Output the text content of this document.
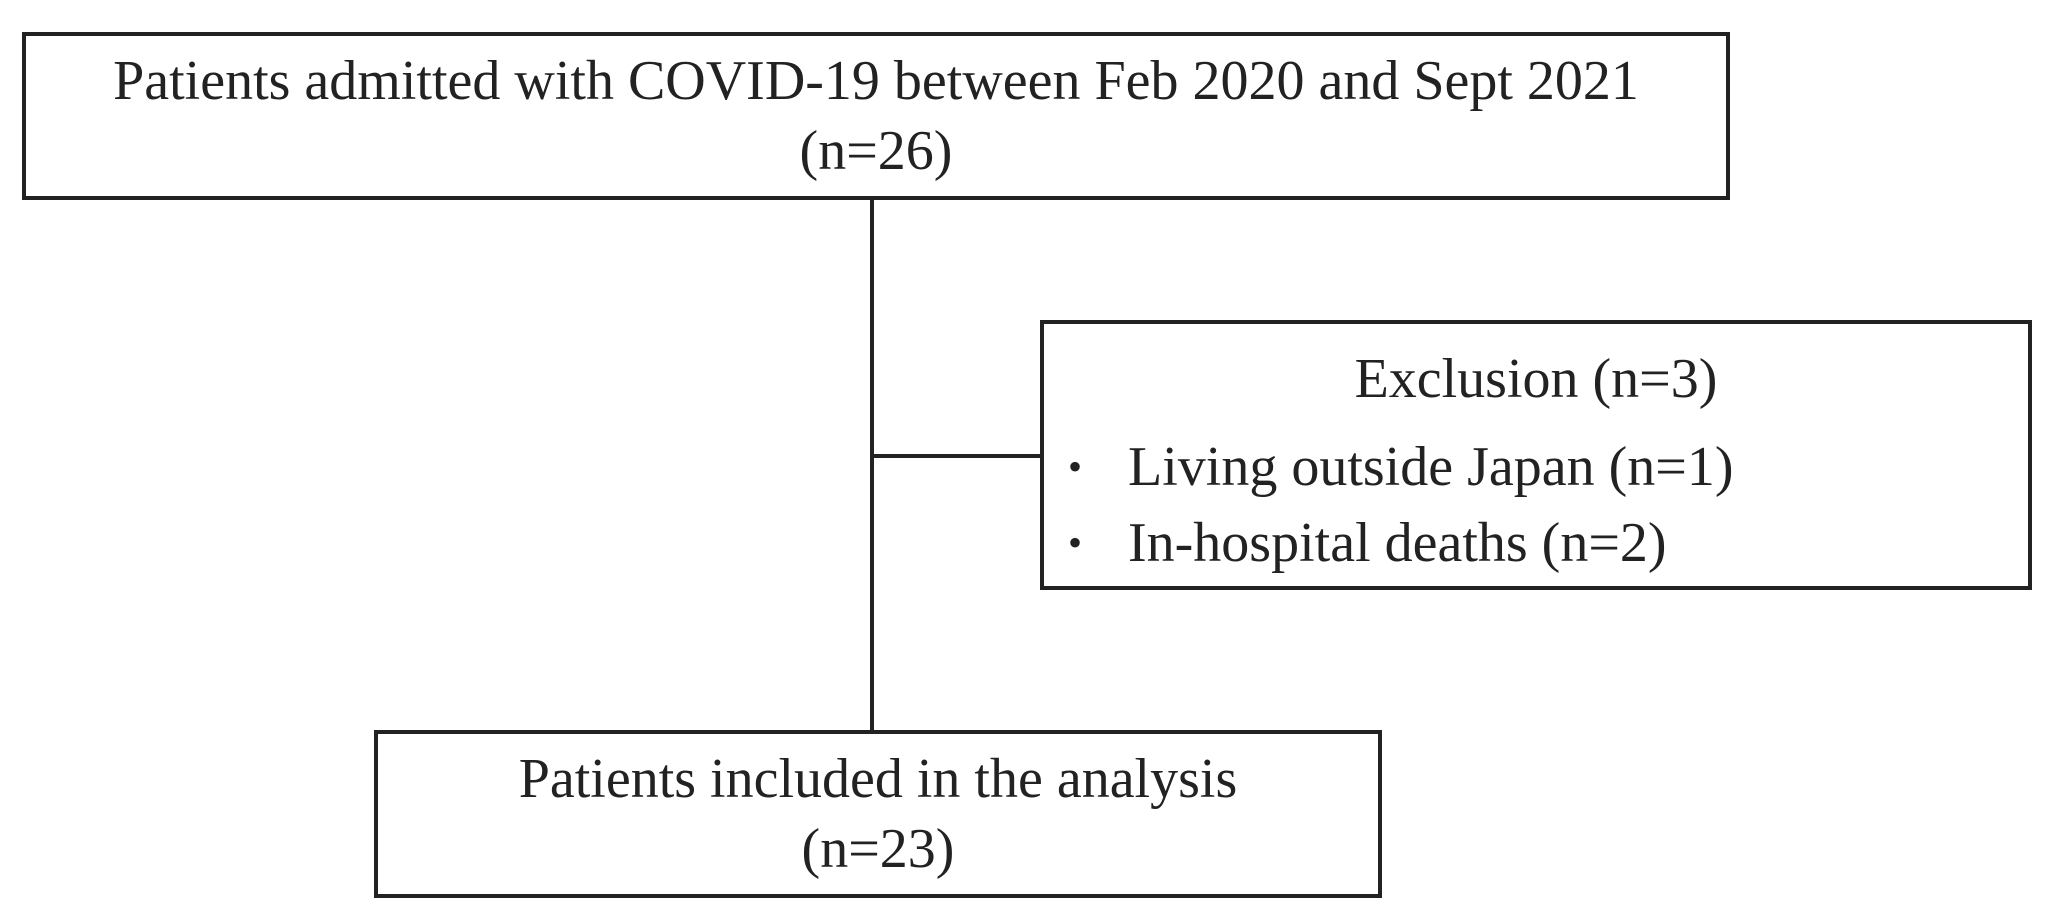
Patients admitted with COVID-19 between Feb 2020 and Sept 2021
(n=26)
Exclusion (n=3)
• Living outside Japan (n=1)
• In-hospital deaths (n=2)
Patients included in the analysis
(n=23)
